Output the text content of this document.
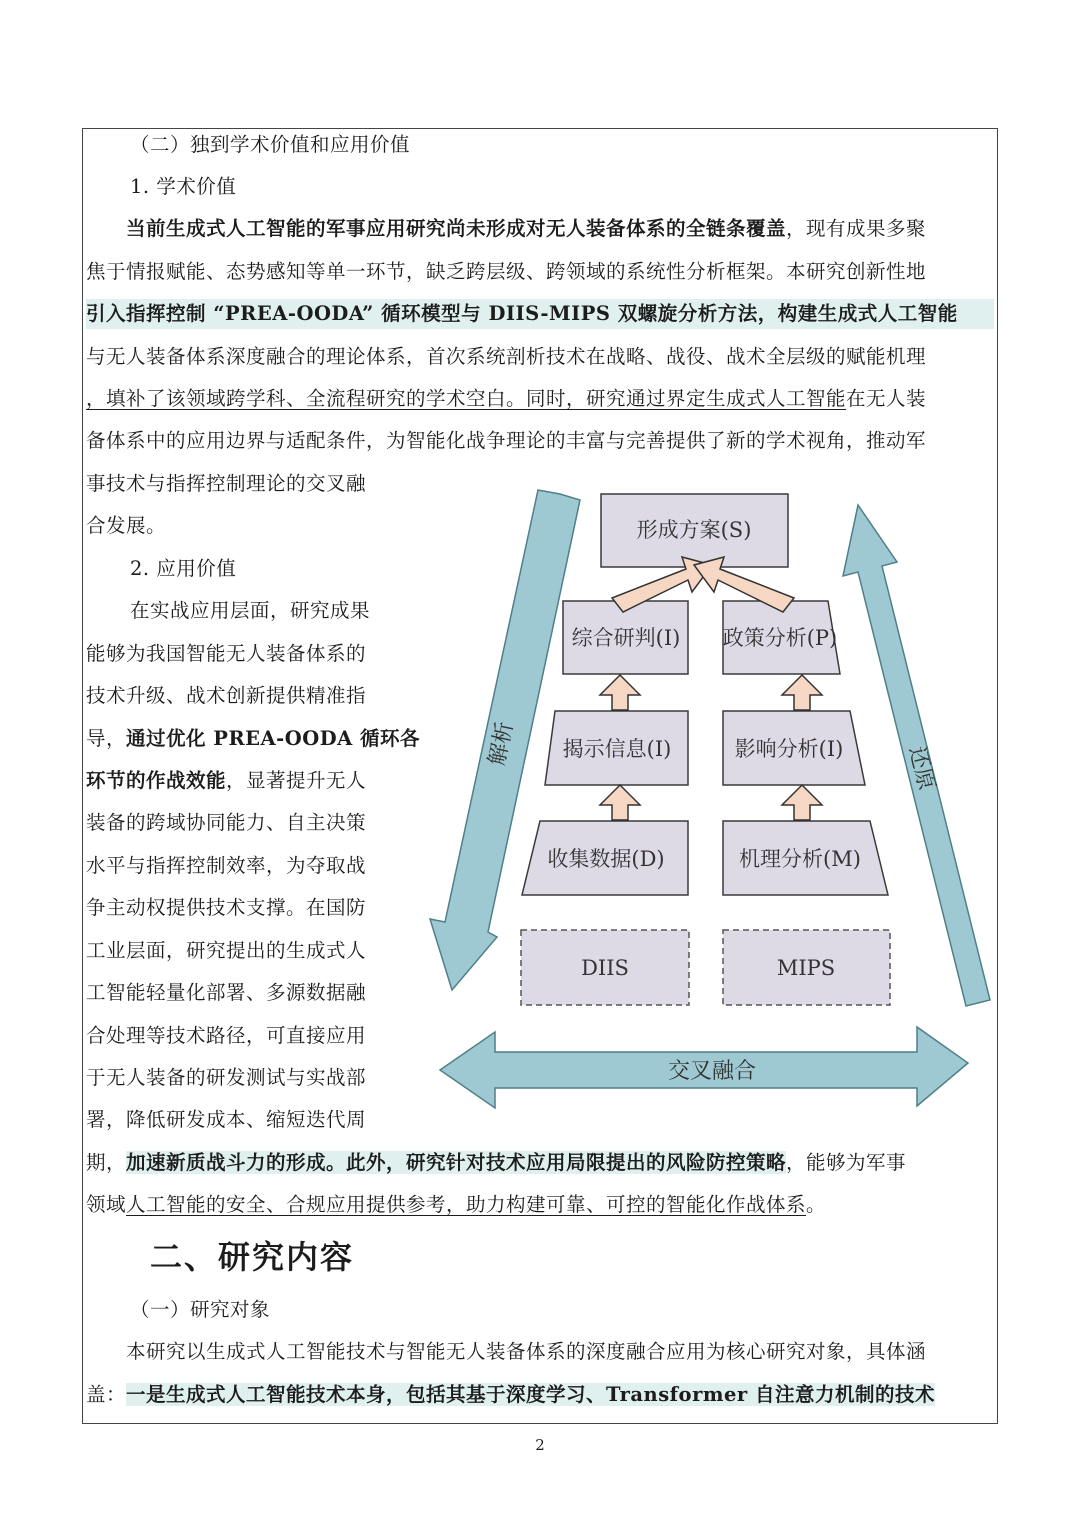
（二）独到学术价值和应用价值
1. 学术价值
　　当前生成式人工智能的军事应用研究尚未形成对无人装备体系的全链条覆盖，现有成果多聚
焦于情报赋能、态势感知等单一环节，缺乏跨层级、跨领域的系统性分析框架。本研究创新性地
引入指挥控制 “PREA-OODA” 循环模型与 DIIS-MIPS 双螺旋分析方法，构建生成式人工智能
与无人装备体系深度融合的理论体系，首次系统剖析技术在战略、战役、战术全层级的赋能机理
，填补了该领域跨学科、全流程研究的学术空白。同时，研究通过界定生成式人工智能在无人装
备体系中的应用边界与适配条件，为智能化战争理论的丰富与完善提供了新的学术视角，推动军
事技术与指挥控制理论的交叉融
合发展。
2. 应用价值
在实战应用层面，研究成果
能够为我国智能无人装备体系的
技术升级、战术创新提供精准指
导，通过优化 PREA-OODA 循环各
环节的作战效能，显著提升无人
装备的跨域协同能力、自主决策
水平与指挥控制效率，为夺取战
争主动权提供技术支撑。在国防
工业层面，研究提出的生成式人
工智能轻量化部署、多源数据融
合处理等技术路径，可直接应用
于无人装备的研发测试与实战部
署，降低研发成本、缩短迭代周
期，加速新质战斗力的形成。此外，研究针对技术应用局限提出的风险防控策略，能够为军事
领域人工智能的安全、合规应用提供参考，助力构建可靠、可控的智能化作战体系。
二、研究内容
（一）研究对象
　　本研究以生成式人工智能技术与智能无人装备体系的深度融合应用为核心研究对象，具体涵
盖：一是生成式人工智能技术本身，包括其基于深度学习、Transformer 自注意力机制的技术
形成方案(S)
综合研判(I) 政策分析(P)
揭示信息(I)	影响分析(I)
收集数据(D)	机理分析(M)
DIIS	MIPS
交叉融合
解析
还原
2
